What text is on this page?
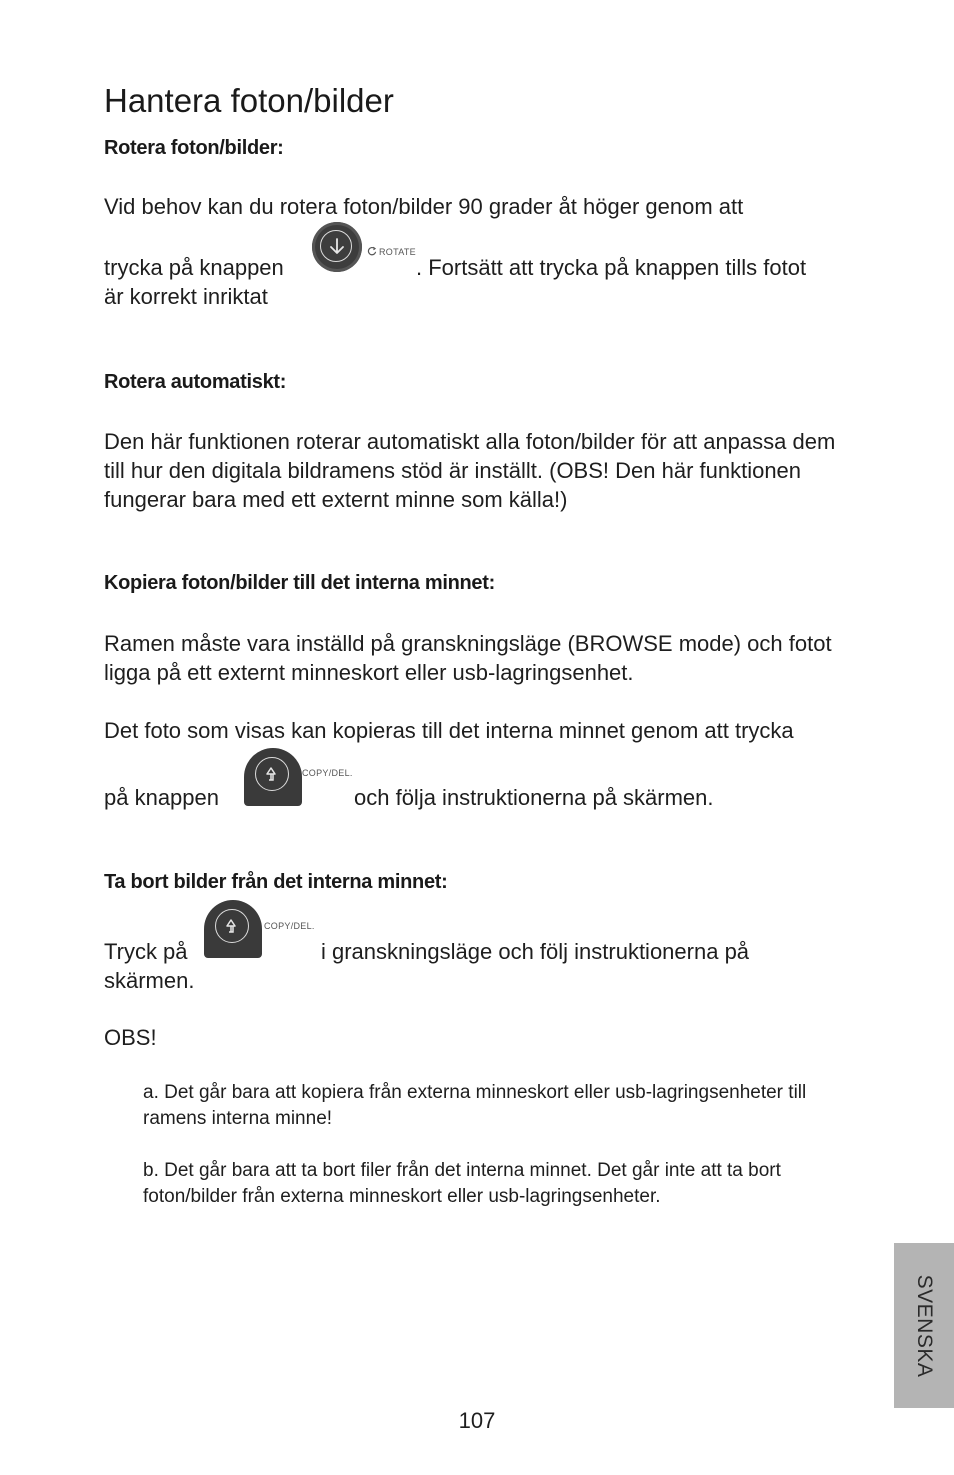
Hantera foton/bilder
Rotera foton/bilder:
Vid behov kan du rotera foton/bilder 90 grader åt höger genom att
trycka på knappen
ROTATE
. Fortsätt att trycka på knappen tills fotot
är korrekt inriktat
Rotera automatiskt:
Den här funktionen roterar automatiskt alla foton/bilder för att anpassa dem till hur den digitala bildramens stöd är inställt. (OBS! Den här funktionen fungerar bara med ett externt minne som källa!)
Kopiera foton/bilder till det interna minnet:
Ramen måste vara inställd på granskningsläge (BROWSE mode) och fotot ligga på ett externt minneskort eller usb-lagringsenhet.
Det foto som visas kan kopieras till det interna minnet genom att trycka
på knappen
COPY/DEL.
och följa instruktionerna på skärmen.
Ta bort bilder från det interna minnet:
Tryck på
COPY/DEL.
i granskningsläge och följ instruktionerna på
skärmen.
OBS!
a. Det går bara att kopiera från externa minneskort eller usb-lagringsenheter till ramens interna minne!
b. Det går bara att ta bort filer från det interna minnet. Det går inte att ta bort foton/bilder från externa minneskort eller usb-lagringsenheter.
SVENSKA
107
